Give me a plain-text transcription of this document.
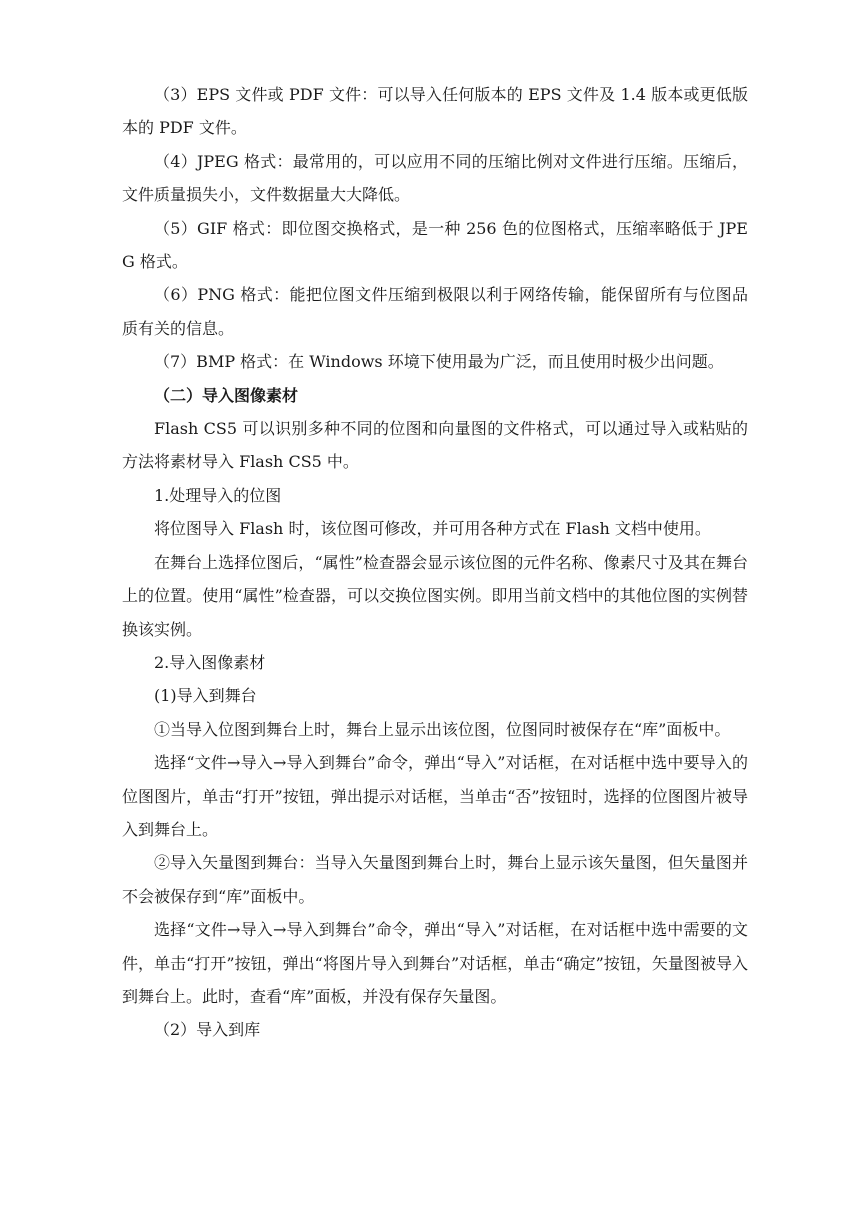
（3）EPS 文件或 PDF 文件：可以导入任何版本的 EPS 文件及 1.4 版本或更低版本的 PDF 文件。

（4）JPEG 格式：最常用的，可以应用不同的压缩比例对文件进行压缩。压缩后，文件质量损失小，文件数据量大大降低。

（5）GIF 格式：即位图交换格式，是一种 256 色的位图格式，压缩率略低于 JPEG 格式。

（6）PNG 格式：能把位图文件压缩到极限以利于网络传输，能保留所有与位图品质有关的信息。

（7）BMP 格式：在 Windows 环境下使用最为广泛，而且使用时极少出问题。

（二）导入图像素材

Flash CS5 可以识别多种不同的位图和向量图的文件格式，可以通过导入或粘贴的方法将素材导入 Flash CS5 中。

1.处理导入的位图

将位图导入 Flash 时，该位图可修改，并可用各种方式在 Flash 文档中使用。

在舞台上选择位图后，“属性”检查器会显示该位图的元件名称、像素尺寸及其在舞台上的位置。使用“属性”检查器，可以交换位图实例。即用当前文档中的其他位图的实例替换该实例。

2.导入图像素材

(1)导入到舞台

①当导入位图到舞台上时，舞台上显示出该位图，位图同时被保存在“库”面板中。

选择“文件→导入→导入到舞台”命令，弹出“导入”对话框，在对话框中选中要导入的位图图片，单击“打开”按钮，弹出提示对话框，当单击“否”按钮时，选择的位图图片被导入到舞台上。

②导入矢量图到舞台：当导入矢量图到舞台上时，舞台上显示该矢量图，但矢量图并不会被保存到“库”面板中。

选择“文件→导入→导入到舞台”命令，弹出“导入”对话框，在对话框中选中需要的文件，单击“打开”按钮，弹出“将图片导入到舞台”对话框，单击“确定”按钮，矢量图被导入到舞台上。此时，查看“库”面板，并没有保存矢量图。

（2）导入到库
